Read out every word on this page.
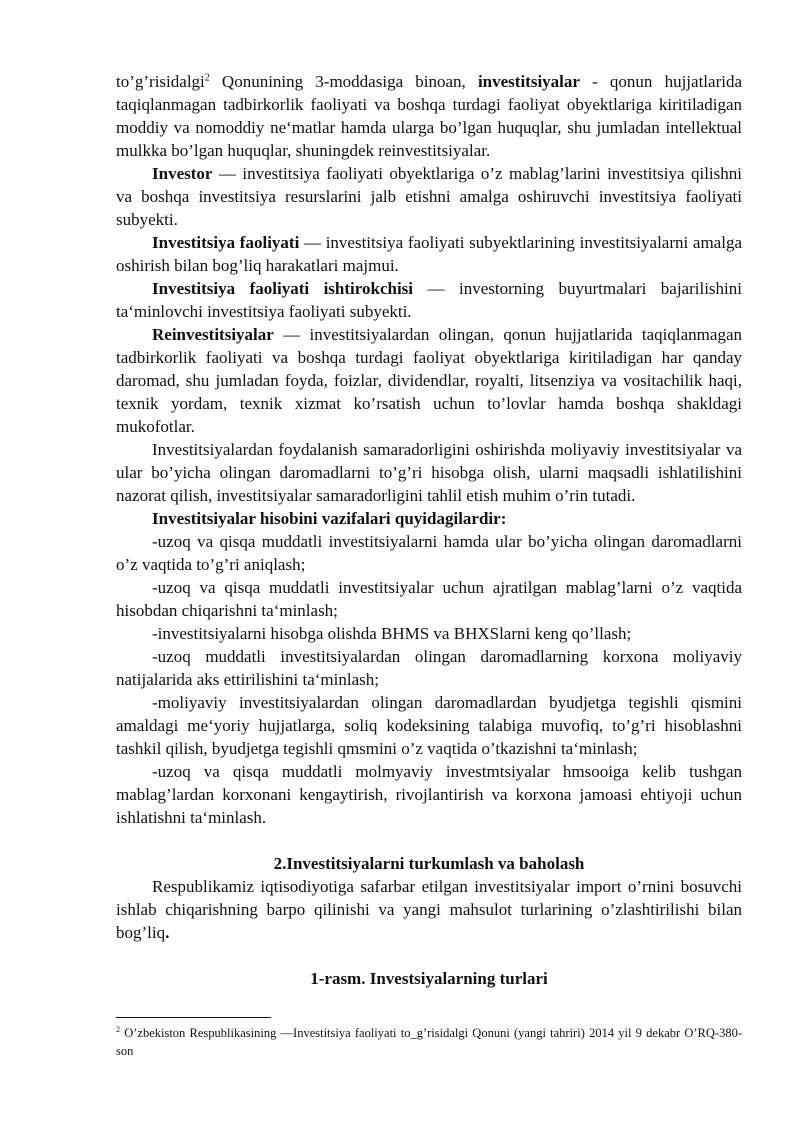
to’g’risidalgi$^2$ Qonunining 3-moddasiga binoan, investitsiyalar - qonun hujjatlarida taqiqlanmagan tadbirkorlik faoliyati va boshqa turdagi faoliyat obyektlariga kiritiladigan moddiy va nomoddiy ne‘matlar hamda ularga bo’lgan huquqlar, shu jumladan intellektual mulkka bo’lgan huquqlar, shuningdek reinvestitsiyalar.

Investor — investitsiya faoliyati obyektlariga o’z mablag’larini investitsiya qilishni va boshqa investitsiya resurslarini jalb etishni amalga oshiruvchi investitsiya faoliyati subyekti.

Investitsiya faoliyati — investitsiya faoliyati subyektlarining investitsiyalarni amalga oshirish bilan bog’liq harakatlari majmui.

Investitsiya faoliyati ishtirokchisi — investorning buyurtmalari bajarilishini ta‘minlovchi investitsiya faoliyati subyekti.

Reinvestitsiyalar — investitsiyalardan olingan, qonun hujjatlarida taqiqlanmagan tadbirkorlik faoliyati va boshqa turdagi faoliyat obyektlariga kiritiladigan har qanday daromad, shu jumladan foyda, foizlar, dividendlar, royalti, litsenziya va vositachilik haqi, texnik yordam, texnik xizmat ko’rsatish uchun to’lovlar hamda boshqa shakldagi mukofotlar.

Investitsiyalardan foydalanish samaradorligini oshirishda moliyaviy investitsiyalar va ular bo’yicha olingan daromadlarni to’g’ri hisobga olish, ularni maqsadli ishlatilishini nazorat qilish, investitsiyalar samaradorligini tahlil etish muhim o’rin tutadi.

Investitsiyalar hisobini vazifalari quyidagilardir:

-uzoq va qisqa muddatli investitsiyalarni hamda ular bo’yicha olingan daromadlarni o’z vaqtida to’g’ri aniqlash;

-uzoq va qisqa muddatli investitsiyalar uchun ajratilgan mablag’larni o’z vaqtida hisobdan chiqarishni ta‘minlash;

-investitsiyalarni hisobga olishda BHMS va BHXSlarni keng qo’llash;

-uzoq muddatli investitsiyalardan olingan daromadlarning korxona moliyaviy natijalarida aks ettirilishini ta‘minlash;

-moliyaviy investitsiyalardan olingan daromadlardan byudjetga tegishli qismini amaldagi me‘yoriy hujjatlarga, soliq kodeksining talabiga muvofiq, to’g’ri hisoblashni tashkil qilish, byudjetga tegishli qmsmini o’z vaqtida o’tkazishni ta‘minlash;

-uzoq va qisqa muddatli molmyaviy investmtsiyalar hmsooiga kelib tushgan mablag’lardan korxonani kengaytirish, rivojlantirish va korxona jamoasi ehtiyoji uchun ishlatishni ta‘minlash.

2.Investitsiyalarni turkumlash va baholash

Respublikamiz iqtisodiyotiga safarbar etilgan investitsiyalar import o’rnini bosuvchi ishlab chiqarishning barpo qilinishi va yangi mahsulot turlarining o’zlashtirilishi bilan bog’liq.

1-rasm. Investsiyalarning turlari

$^2$ O’zbekiston Respublikasining —Investitsiya faoliyati to_g’risidalgi Qonuni (yangi tahriri) 2014 yil 9 dekabr O’RQ-380-son
